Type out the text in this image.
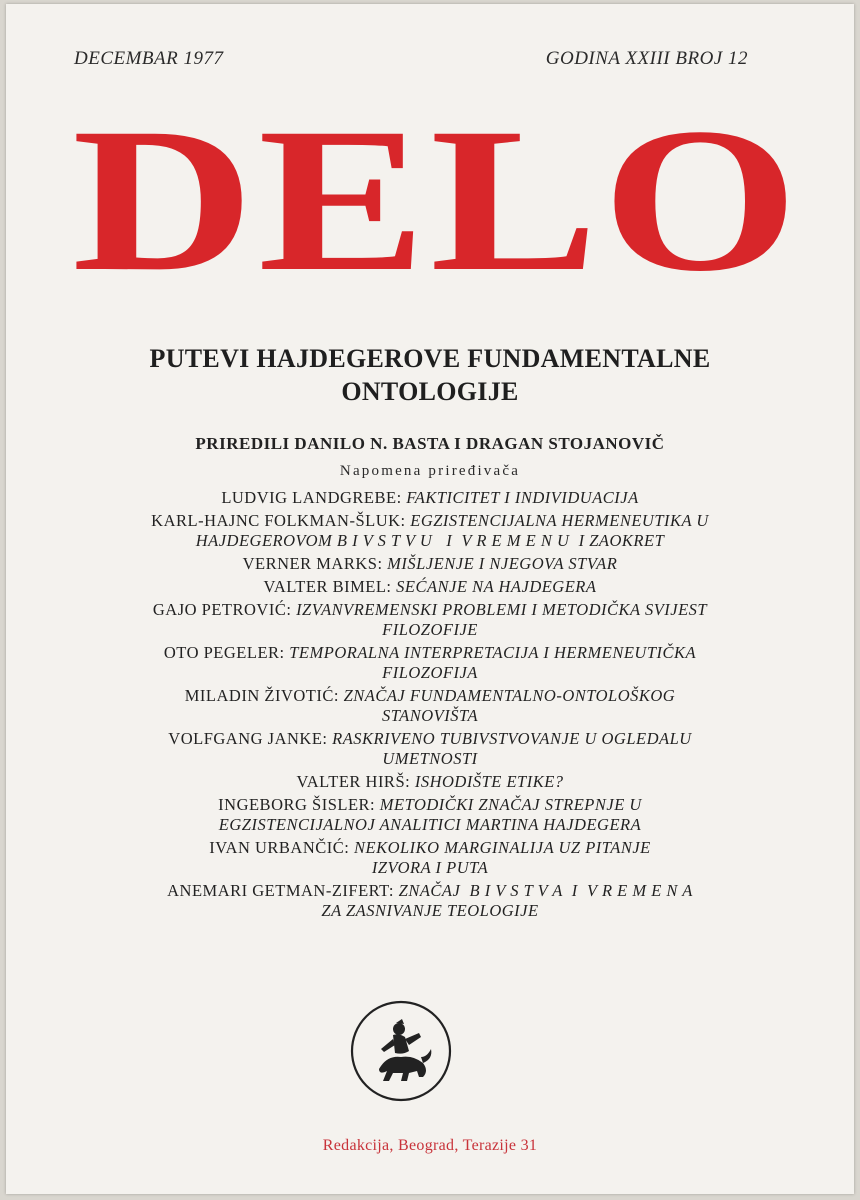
DECEMBAR 1977	GODINA XXIII BROJ 12
DELO
PUTEVI HAJDEGEROVE FUNDAMENTALNE
ONTOLOGIJE
PRIREDILI DANILO N. BASTA I DRAGAN STOJANOVIČ
Napomena priređivača
LUDVIG LANDGREBE: FAKTICITET I INDIVIDUACIJA
KARL-HAJNC FOLKMAN-ŠLUK: EGZISTENCIJALNA HERMENEUTIKA U
HAJDEGEROVOM B I V S T V U   I  V R E M E N U  I ZAOKRET
VERNER MARKS: MIŠLJENJE I NJEGOVA STVAR
VALTER BIMEL: SEĆANJE NA HAJDEGERA
GAJO PETROVIĆ: IZVANVREMENSKI PROBLEMI I METODIČKA SVIJEST
FILOZOFIJE
OTO PEGELER: TEMPORALNA INTERPRETACIJA I HERMENEUTIČKA
FILOZOFIJA
MILADIN ŽIVOTIĆ: ZNAČAJ FUNDAMENTALNO-ONTOLOŠKOG
STANOVIŠTA
VOLFGANG JANKE: RASKRIVENO TUBIVSTVOVANJE U OGLEDALU
UMETNOSTI
VALTER HIRŠ: ISHODIŠTE ETIKE?
INGEBORG ŠISLER: METODIČKI ZNAČAJ STREPNJE U
EGZISTENCIJALNOJ ANALITICI MARTINA HAJDEGERA
IVAN URBANČIĆ: NEKOLIKO MARGINALIJA UZ PITANJE
IZVORA I PUTA
ANEMARI GETMAN-ZIFERT: ZNAČAJ  B I V S T V A  I  V R E M E N A
ZA ZASNIVANJE TEOLOGIJE
Redakcija, Beograd, Terazije 31
